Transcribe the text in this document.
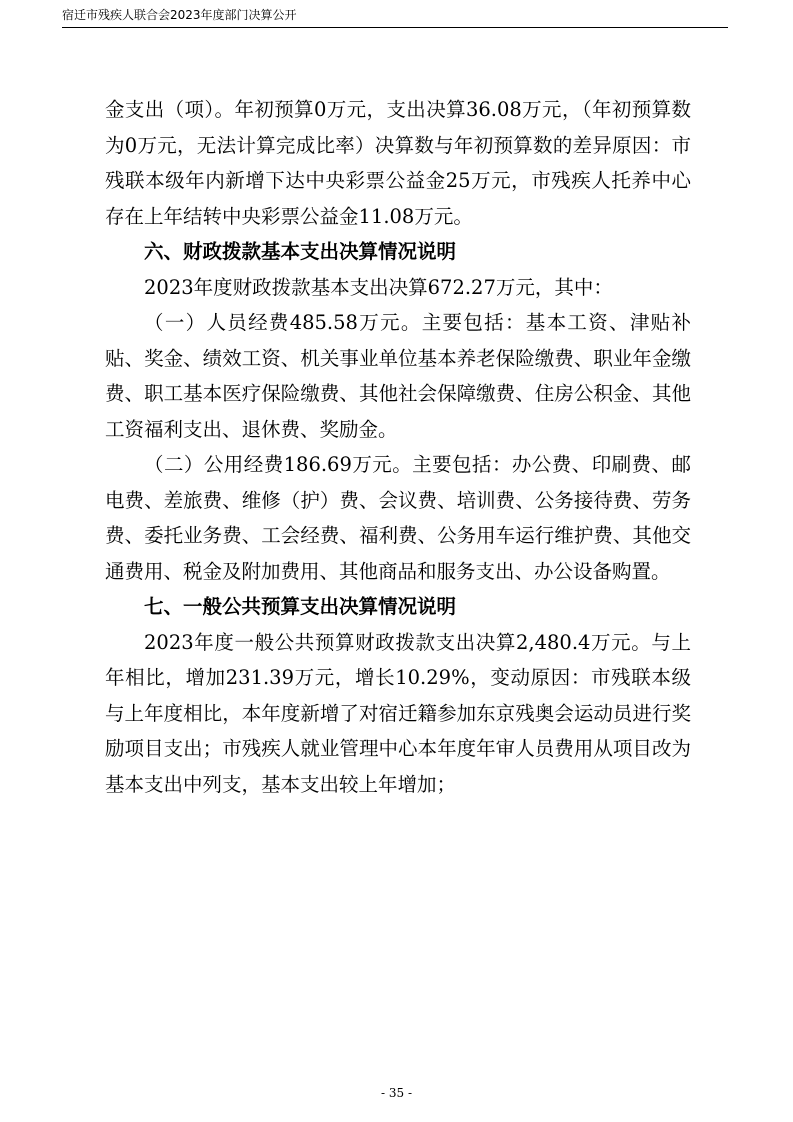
宿迁市残疾人联合会2023年度部门决算公开

金支出（项）。年初预算0万元，支出决算36.08万元，（年初预算数为0万元，无法计算完成比率）决算数与年初预算数的差异原因：市残联本级年内新增下达中央彩票公益金25万元，市残疾人托养中心存在上年结转中央彩票公益金11.08万元。

六、财政拨款基本支出决算情况说明

2023年度财政拨款基本支出决算672.27万元，其中：

（一）人员经费485.58万元。主要包括：基本工资、津贴补贴、奖金、绩效工资、机关事业单位基本养老保险缴费、职业年金缴费、职工基本医疗保险缴费、其他社会保障缴费、住房公积金、其他工资福利支出、退休费、奖励金。

（二）公用经费186.69万元。主要包括：办公费、印刷费、邮电费、差旅费、维修（护）费、会议费、培训费、公务接待费、劳务费、委托业务费、工会经费、福利费、公务用车运行维护费、其他交通费用、税金及附加费用、其他商品和服务支出、办公设备购置。

七、一般公共预算支出决算情况说明

2023年度一般公共预算财政拨款支出决算2,480.4万元。与上年相比，增加231.39万元，增长10.29%，变动原因：市残联本级与上年度相比，本年度新增了对宿迁籍参加东京残奥会运动员进行奖励项目支出；市残疾人就业管理中心本年度年审人员费用从项目改为基本支出中列支，基本支出较上年增加；

- 35 -
